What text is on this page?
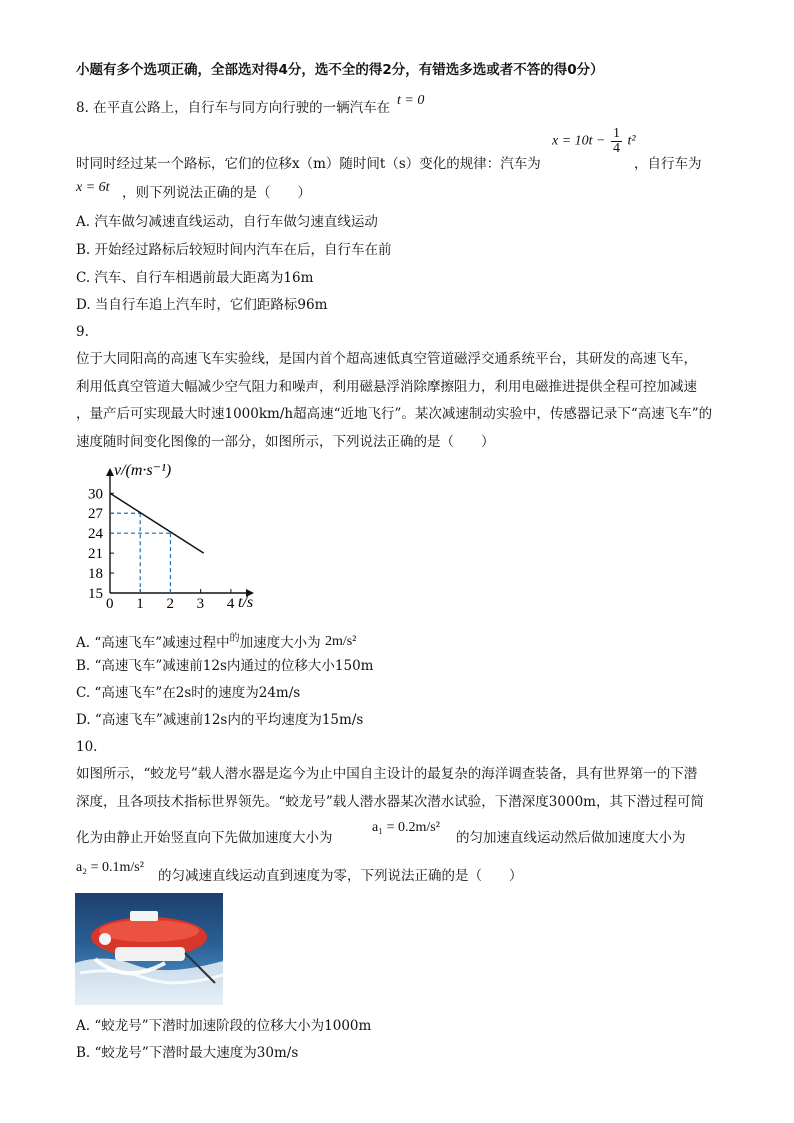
小题有多个选项正确，全部选对得4分，选不全的得2分，有错选多选或者不答的得0分）
8. 在平直公路上，自行车与同方向行驶的一辆汽车在 t = 0
$x = 10t - \frac{1}{4} t^2$
时同时经过某一个路标，它们的位移x（m）随时间t（s）变化的规律：汽车为	，自行车为
x = 6t ，则下列说法正确的是（　　）
A. 汽车做匀减速直线运动，自行车做匀速直线运动
B. 开始经过路标后较短时间内汽车在后，自行车在前
C. 汽车、自行车相遇前最大距离为16m
D. 当自行车追上汽车时，它们距路标96m
9.
位于大同阳高的高速飞车实验线，是国内首个超高速低真空管道磁浮交通系统平台，其研发的高速飞车，
利用低真空管道大幅减少空气阻力和噪声，利用磁悬浮消除摩擦阻力，利用电磁推进提供全程可控加减速
，量产后可实现最大时速1000km/h超高速“近地飞行”。某次减速制动实验中，传感器记录下“高速飞车”的
速度随时间变化图像的一部分，如图所示，下列说法正确的是（　　）
v/(m·s⁻¹)
t/s
0 1 2 3 4
15
18
21
24
27
30
A. “高速飞车”减速过程中$^的$加速度大小为 2m/s²
B. “高速飞车”减速前12s内通过的位移大小150m
C. “高速飞车”在2s时的速度为24m/s
D. “高速飞车”减速前12s内的平均速度为15m/s
10.
如图所示，“蛟龙号”载人潜水器是迄今为止中国自主设计的最复杂的海洋调查装备，具有世界第一的下潜
深度，且各项技术指标世界领先。“蛟龙号”载人潜水器某次潜水试验，下潜深度3000m，其下潜过程可简
化为由静止开始竖直向下先做加速度大小为
a₁ = 0.2m/s²
的匀加速直线运动然后做加速度大小为
a₂ = 0.1m/s²
的匀减速直线运动直到速度为零，下列说法正确的是（　　）
A. “蛟龙号”下潜时加速阶段的位移大小为1000m
B. “蛟龙号”下潜时最大速度为30m/s
